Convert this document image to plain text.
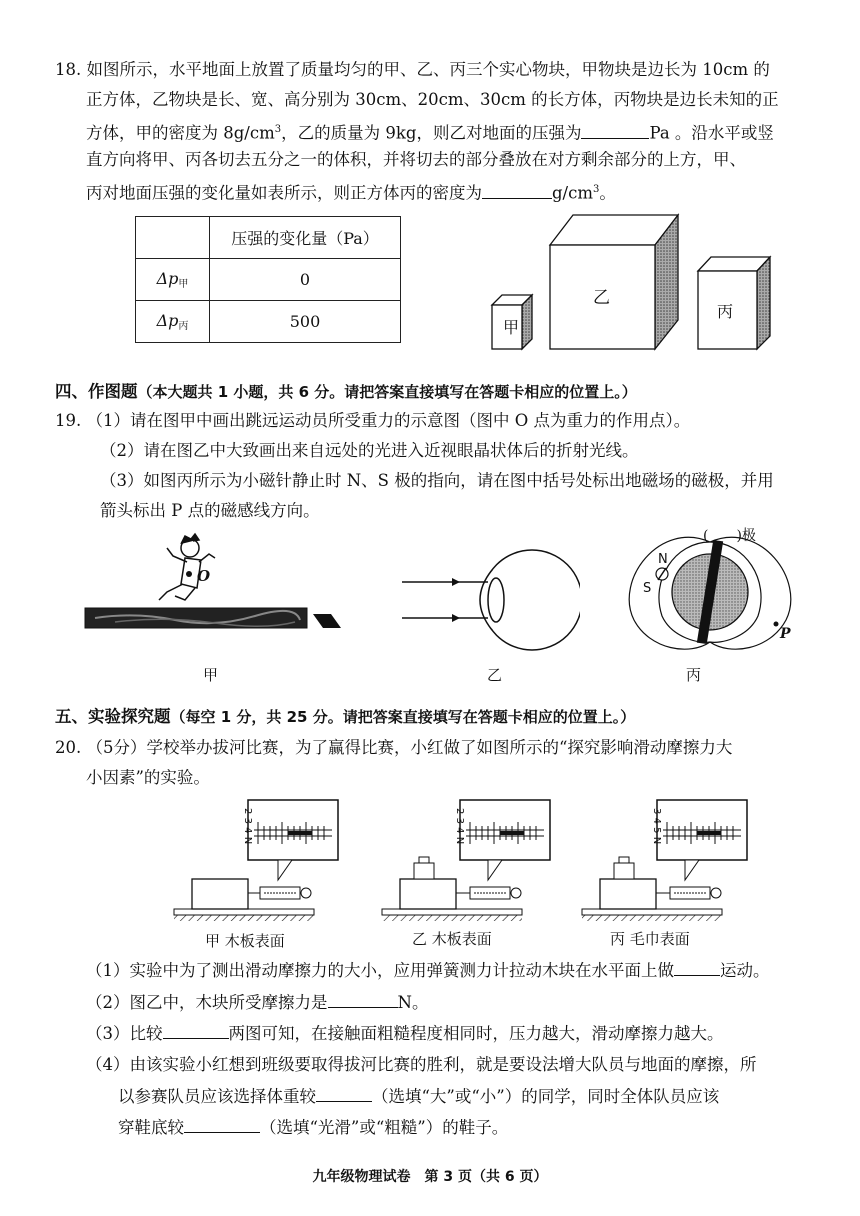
18. 如图所示，水平地面上放置了质量均匀的甲、乙、丙三个实心物块，甲物块是边长为 10cm 的
正方体，乙物块是长、宽、高分别为 30cm、20cm、30cm 的长方体，丙物块是边长未知的正
方体，甲的密度为 $8g/cm^3$，乙的质量为 9kg，则乙对地面的压强为	Pa 。沿水平或竖
直方向将甲、丙各切去五分之一的体积，并将切去的部分叠放在对方剩余部分的上方，甲、
丙对地面压强的变化量如表所示，则正方体丙的密度为	$g/cm^3$。
	压强的变化量（Pa）
Δp甲	0
Δp丙	500	甲
乙
丙
四、作图题（本大题共 1 小题，共 6 分。请把答案直接填写在答题卡相应的位置上。）
19. （1）请在图甲中画出跳远运动员所受重力的示意图（图中 O 点为重力的作用点）。
（2）请在图乙中大致画出来自远处的光进入近视眼晶状体后的折射光线。
（3）如图丙所示为小磁针静止时 N、S 极的指向，请在图中括号处标出地磁场的磁极，并用
箭头标出 P 点的磁感线方向。
O
(　　)极
N
S
P
甲	乙	丙
五、实验探究题（每空 1 分，共 25 分。请把答案直接填写在答题卡相应的位置上。）
20. （5分）学校举办拔河比赛，为了赢得比赛，小红做了如图所示的“探究影响滑动摩擦力大
小因素”的实验。
2 3 4 N
2 3 4 N
3 4 5 N
甲 木板表面	乙 木板表面	丙 毛巾表面
（1）实验中为了测出滑动摩擦力的大小，应用弹簧测力计拉动木块在水平面上做	运动。
（2）图乙中，木块所受摩擦力是	N。
（3）比较	两图可知，在接触面粗糙程度相同时，压力越大，滑动摩擦力越大。
（4）由该实验小红想到班级要取得拔河比赛的胜利，就是要设法增大队员与地面的摩擦，所
以参赛队员应该选择体重较	（选填“大”或“小”）的同学，同时全体队员应该
穿鞋底较	（选填“光滑”或“粗糙”）的鞋子。
九年级物理试卷　第 3 页（共 6 页）
